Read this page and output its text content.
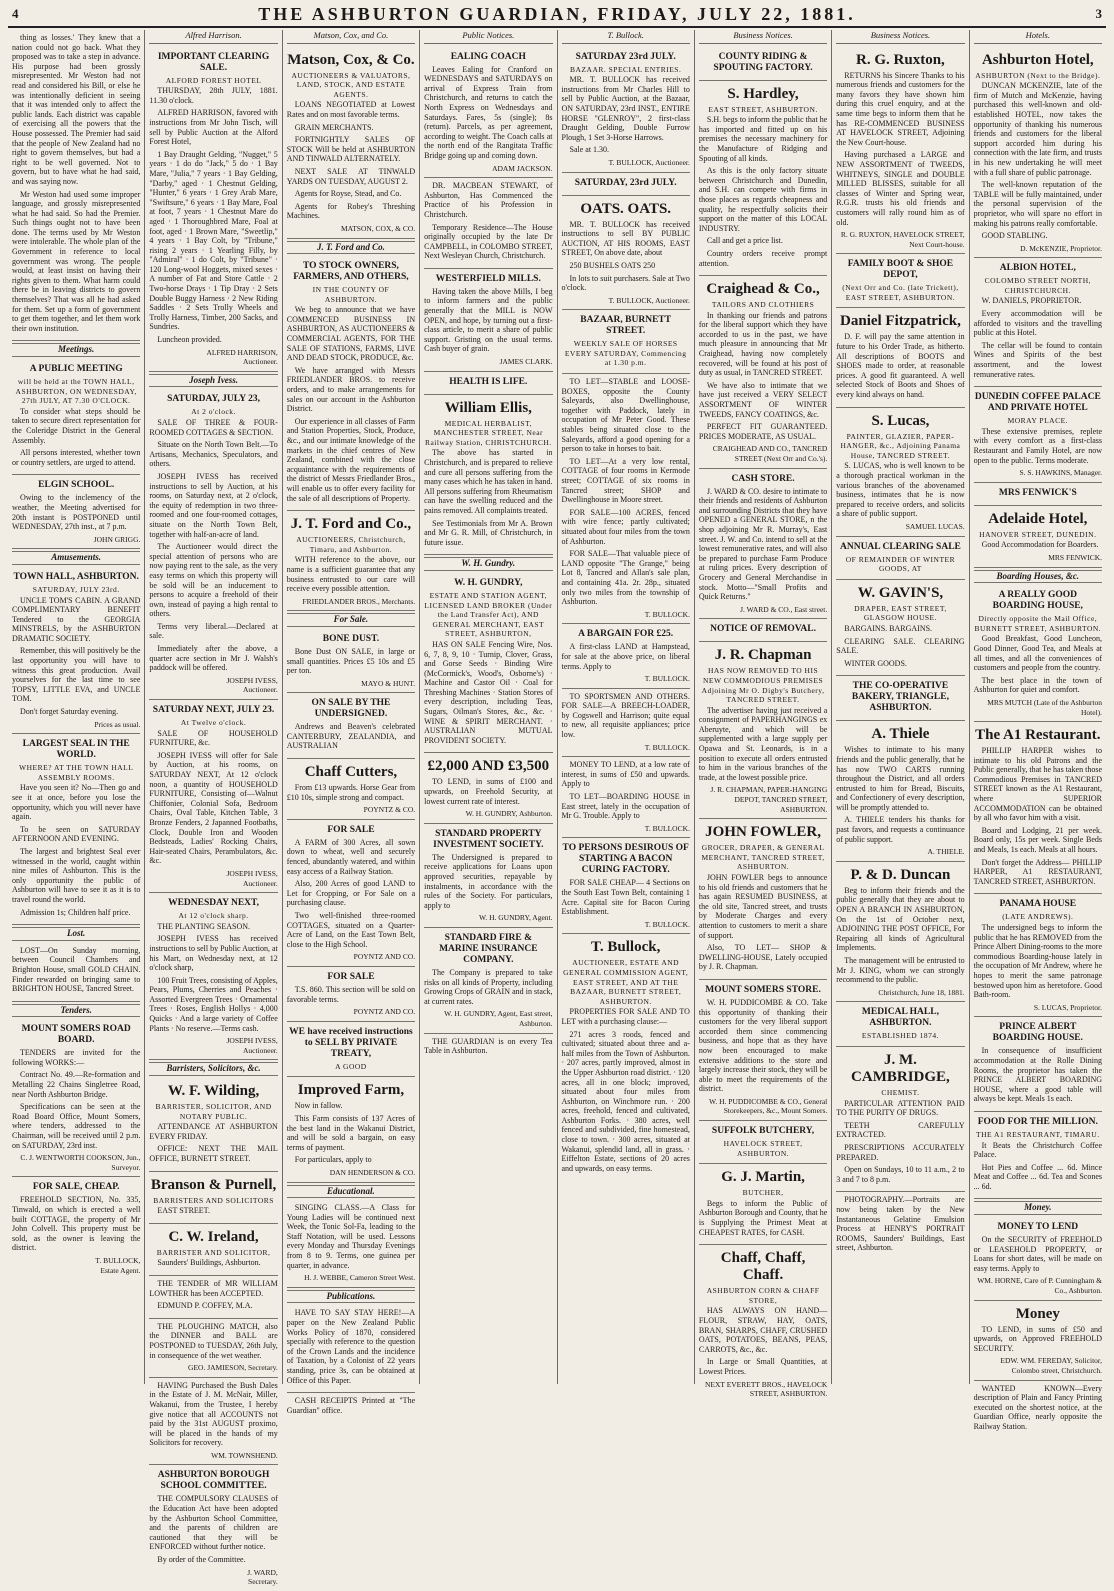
4	THE ASHBURTON GUARDIAN, FRIDAY, JULY 22, 1881.	3

thing as losses.' They knew that a nation could not go back. What they proposed was to take a step in advance. His purpose had been grossly misrepresented. Mr Weston had not read and considered his Bill, or else he was intentionally deficient in seeing that it was intended only to affect the public lands. Each district was capable of exercising all the powers that the House possessed. The Premier had said that the people of New Zealand had no right to govern themselves, but had a right to be well governed. Not to govern, but to have what he had said, and was saying now.

Mr Weston had used some improper language, and grossly misrepresented what he had said. So had the Premier. Such things ought not to have been done. The terms used by Mr Weston were intolerable. The whole plan of the Government in reference to local government was wrong. The people would, at least insist on having their rights given to them. What harm could there be in leaving districts to govern themselves? That was all he had asked for them. Set up a form of government to get them together, and let them work their own institution.

Meetings.
A PUBLIC MEETING
will be held at the TOWN HALL, ASHBURTON, ON WEDNESDAY, 27th JULY, AT 7.30 O'CLOCK.

To consider what steps should be taken to secure direct representation for the Coleridge District in the General Assembly.

All persons interested, whether town or country settlers, are urged to attend.

ELGIN SCHOOL.

Owing to the inclemency of the weather, the Meeting advertised for 20th instant is POSTPONED until WEDNESDAY, 27th inst., at 7 p.m.

JOHN GRIGG.
Amusements.
TOWN HALL, ASHBURTON.
SATURDAY, JULY 23rd.

UNCLE TOM'S CABIN. A GRAND COMPLIMENTARY BENEFIT Tendered to the GEORGIA MINSTRELS, by the ASHBURTON DRAMATIC SOCIETY.

Remember, this will positively be the last opportunity you will have to witness this great production. Avail yourselves for the last time to see TOPSY, LITTLE EVA, and UNCLE TOM.

Don't forget Saturday evening.

Prices as usual.
LARGEST SEAL IN THE WORLD.
WHERE? AT THE TOWN HALL ASSEMBLY ROOMS.

Have you seen it? No—Then go and see it at once, before you lose the opportunity, which you will never have again.

To be seen on SATURDAY AFTERNOON AND EVENING.

The largest and brightest Seal ever witnessed in the world, caught within nine miles of Ashburton. This is the only opportunity the public of Ashburton will have to see it as it is to travel round the world.

Admission 1s; Children half price.

Lost.

LOST—On Sunday morning, between Council Chambers and Brighton House, small GOLD CHAIN. Finder rewarded on bringing same to BRIGHTON HOUSE, Tancred Street.

Tenders.
MOUNT SOMERS ROAD BOARD.

TENDERS are invited for the following WORKS:—

Contract No. 49.—Re-formation and Metalling 22 Chains Singletree Road, near North Ashburton Bridge.

Specifications can be seen at the Road Board Office, Mount Somers, where tenders, addressed to the Chairman, will be received until 2 p.m. on SATURDAY, 23rd inst.

C. J. WENTWORTH COOKSON, Jun., Surveyor.
FOR SALE, CHEAP.

FREEHOLD SECTION, No. 335, Tinwald, on which is erected a well built COTTAGE, the property of Mr John Colvell. This property must be sold, as the owner is leaving the district.

T. BULLOCK,
Estate Agent.
Alfred Harrison.
IMPORTANT CLEARING SALE.
ALFORD FOREST HOTEL

THURSDAY, 28th JULY, 1881. 11.30 o'clock.

ALFRED HARRISON, favored with instructions from Mr John Tisch, will sell by Public Auction at the Alford Forest Hotel,

1 Bay Draught Gelding, "Nugget," 5 years · 1 do do "Jack," 5 do · 1 Bay Mare, "Julia," 7 years · 1 Bay Gelding, "Darby," aged · 1 Chestnut Gelding, "Hunter," 6 years · 1 Grey Arab Mare, "Swiftsure," 6 years · 1 Bay Mare, Foal at foot, 7 years · 1 Chestnut Mare do aged · 1 Thoroughbred Mare, Foal at foot, aged · 1 Brown Mare, "Sweetlip," 4 years · 1 Bay Colt, by "Tribune," rising 2 years · 1 Yearling Filly, by "Admiral" · 1 do Colt, by "Tribune" · 120 Long-wool Hoggets, mixed sexes · A number of Fat and Store Cattle · 2 Two-horse Drays · 1 Tip Dray · 2 Sets Double Buggy Harness · 2 New Riding Saddles · 2 Sets Trolly Wheels and Trolly Harness, Timber, 200 Sacks, and Sundries.

Luncheon provided.

ALFRED HARRISON,
Auctioneer.
Joseph Ivess.
SATURDAY, JULY 23,
At 2 o'clock.

SALE OF THREE & FOUR-ROOMED COTTAGES & SECTION.

Situate on the North Town Belt.—To Artisans, Mechanics, Speculators, and others.

JOSEPH IVESS has received instructions to sell by Auction, at his rooms, on Saturday next, at 2 o'clock, the equity of redemption in two three-roomed and one four-roomed cottages, situate on the North Town Belt, together with half-an-acre of land.

The Auctioneer would direct the special attention of persons who are now paying rent to the sale, as the very easy terms on which this property will be sold will be an inducement to persons to acquire a freehold of their own, instead of paying a high rental to others.

Terms very liberal.—Declared at sale.

Immediately after the above, a quarter acre section in Mr J. Walsh's paddock will be offered.

JOSEPH IVESS,
Auctioneer.
SATURDAY NEXT, JULY 23.
At Twelve o'clock.

SALE OF HOUSEHOLD FURNITURE, &c.

JOSEPH IVESS will offer for Sale by Auction, at his rooms, on SATURDAY NEXT, At 12 o'clock noon, a quantity of HOUSEHOLD FURNITURE, Consisting of—Walnut Chiffonier, Colonial Sofa, Bedroom Chairs, Oval Table, Kitchen Table, 3 Bronze Fenders, 2 Japanned Footbaths, Clock, Double Iron and Wooden Bedsteads, Ladies' Rocking Chairs, Hair-seated Chairs, Perambulators, &c. &c.

JOSEPH IVESS,
Auctioneer.
WEDNESDAY NEXT,
At 12 o'clock sharp.

THE PLANTING SEASON.

JOSEPH IVESS has received instructions to sell by Public Auction, at his Mart, on Wednesday next, at 12 o'clock sharp,

100 Fruit Trees, consisting of Apples, Pears, Plums, Cherries and Peaches · Assorted Evergreen Trees · Ornamental Trees · Roses, English Hollys · 4,000 Quicks · And a large variety of Coffee Plants · No reserve.—Terms cash.

JOSEPH IVESS,
Auctioneer.
Barristers, Solicitors, &c.
W. F. Wilding,
BARRISTER, SOLICITOR, AND NOTARY PUBLIC.

ATTENDANCE AT ASHBURTON EVERY FRIDAY.

OFFICE: NEXT THE MAIL OFFICE, BURNETT STREET.

Branson & Purnell,
BARRISTERS AND SOLICITORS

EAST STREET.

C. W. Ireland,
BARRISTER AND SOLICITOR,

Saunders' Buildings, Ashburton.

THE TENDER of MR WILLIAM LOWTHER has been ACCEPTED.

EDMUND P. COFFEY, M.A.

THE PLOUGHING MATCH, also the DINNER and BALL are POSTPONED to TUESDAY, 26th July, in consequence of the wet weather.

GEO. JAMIESON, Secretary.

HAVING Purchased the Bush Dales in the Estate of J. M. McNair, Miller, Wakanui, from the Trustee, I hereby give notice that all ACCOUNTS not paid by the 31st AUGUST proximo, will be placed in the hands of my Solicitors for recovery.

WM. TOWNSHEND.
ASHBURTON BOROUGH SCHOOL COMMITTEE.

THE COMPULSORY CLAUSES of the Education Act have been adopted by the Ashburton School Committee, and the parents of children are cautioned that they will be ENFORCED without further notice.

By order of the Committee.

J. WARD,
Secretary.
Matson, Cox, and Co.
Matson, Cox, & Co.
AUCTIONEERS & VALUATORS, LAND, STOCK, AND ESTATE AGENTS.

LOANS NEGOTIATED at Lowest Rates and on most favorable terms.

GRAIN MERCHANTS.

FORTNIGHTLY SALES OF STOCK Will be held at ASHBURTON AND TINWALD ALTERNATELY.

NEXT SALE AT TINWALD YARDS ON TUESDAY, AUGUST 2.

Agents for Royse, Stead, and Co.

Agents for Robey's Threshing Machines.

MATSON, COX, & CO.
J. T. Ford and Co.
TO STOCK OWNERS, FARMERS, AND OTHERS,
IN THE COUNTY OF ASHBURTON.

We beg to announce that we have COMMENCED BUSINESS IN ASHBURTON, AS AUCTIONEERS & COMMERCIAL AGENTS, FOR THE SALE OF STATIONS, FARMS, LIVE AND DEAD STOCK, PRODUCE, &c.

We have arranged with Messrs FRIEDLANDER BROS. to receive orders, and to make arrangements for sales on our account in the Ashburton District.

Our experience in all classes of Farm and Station Properties, Stock, Produce, &c., and our intimate knowledge of the markets in the chief centres of New Zealand, combined with the close acquaintance with the requirements of the district of Messrs Friedlander Bros., will enable us to offer every facility for the sale of all descriptions of Property.

J. T. Ford and Co.,
AUCTIONEERS, Christchurch, Timaru, and Ashburton.

WITH reference to the above, our name is a sufficient guarantee that any business entrusted to our care will receive every possible attention.

FRIEDLANDER BROS., Merchants.
For Sale.
BONE DUST.

Bone Dust ON SALE, in large or small quantities. Prices £5 10s and £5 per ton.

MAYO & HUNT.
ON SALE BY THE UNDERSIGNED.

Andrews and Beaven's celebrated CANTERBURY, ZEALANDIA, and AUSTRALIAN

Chaff Cutters,

From £13 upwards. Horse Gear from £10 10s, simple strong and compact.

POYNTZ & CO.
FOR SALE

A FARM of 300 Acres, all sown down to wheat, well and securely fenced, abundantly watered, and within easy access of a Railway Station.

Also, 200 Acres of good LAND to Let for Cropping, or For Sale on a purchasing clause.

Two well-finished three-roomed COTTAGES, situated on a Quarter-Acre of Land, on the East Town Belt, close to the High School.

POYNTZ AND CO.
FOR SALE

T.S. 860. This section will be sold on favorable terms.

POYNTZ AND CO.
WE have received instructions to SELL BY PRIVATE TREATY,
A GOOD
Improved Farm,

Now in fallow.

This Farm consists of 137 Acres of the best land in the Wakanui District, and will be sold a bargain, on easy terms of payment.

For particulars, apply to

DAN HENDERSON & CO.
Educational.

SINGING CLASS.—A Class for Young Ladies will be continued next Week, the Tonic Sol-Fa, leading to the Staff Notation, will be used. Lessons every Monday and Thursday Evenings from 8 to 9. Terms, one guinea per quarter, in advance.

H. J. WEBBE, Cameron Street West.
Publications.

HAVE TO SAY STAY HERE!—A paper on the New Zealand Public Works Policy of 1870, considered specially with reference to the question of the Crown Lands and the incidence of Taxation, by a Colonist of 22 years standing, price 3s, can be obtained at Office of this Paper.

CASH RECEIPTS Printed at "The Guardian" office.

Public Notices.
EALING COACH

Leaves Ealing for Cranford on WEDNESDAYS and SATURDAYS on arrival of Express Train from Christchurch, and returns to catch the North Express on Wednesdays and Saturdays. Fares, 5s (single); 8s (return). Parcels, as per agreement, according to weight. The Coach calls at the north end of the Rangitata Traffic Bridge going up and coming down.

ADAM JACKSON.

DR. MACBEAN STEWART, of Ashburton, Has Commenced the Practice of his Profession in Christchurch.

Temporary Residence—The House originally occupied by the late Dr CAMPBELL, in COLOMBO STREET, Next Wesleyan Church, Christchurch.

WESTERFIELD MILLS.

Having taken the above Mills, I beg to inform farmers and the public generally that the MILL is NOW OPEN, and hope, by turning out a first-class article, to merit a share of public support. Gristing on the usual terms. Cash buyer of grain.

JAMES CLARK.
HEALTH IS LIFE.
William Ellis,
MEDICAL HERBALIST, MANCHESTER STREET, Near Railway Station, CHRISTCHURCH.

The above has started in Christchurch, and is prepared to relieve and cure all persons suffering from the many cases which he has taken in hand. All persons suffering from Rheumatism can have the swelling reduced and the pains removed. All complaints treated.

See Testimonials from Mr A. Brown and Mr G. R. Mill, of Christchurch, in future issue.

W. H. Gundry.
W. H. GUNDRY,
ESTATE AND STATION AGENT, LICENSED LAND BROKER (Under the Land Transfer Act), AND GENERAL MERCHANT, EAST STREET, ASHBURTON,

HAS ON SALE Fencing Wire, Nos. 6, 7, 8, 9, 10 · Turnip, Clover, Grass, and Gorse Seeds · Binding Wire (McCormick's, Wood's, Osborne's) · Machine and Castor Oil · Coal for Threshing Machines · Station Stores of every description, including Teas, Sugars, Oilman's Stores, &c., &c. · WINE & SPIRIT MERCHANT. · AUSTRALIAN MUTUAL PROVIDENT SOCIETY.

£2,000 AND £3,500

TO LEND, in sums of £100 and upwards, on Freehold Security, at lowest current rate of interest.

W. H. GUNDRY, Ashburton.
STANDARD PROPERTY INVESTMENT SOCIETY.

The Undersigned is prepared to receive applications for Loans upon approved securities, repayable by instalments, in accordance with the rules of the Society. For particulars, apply to

W. H. GUNDRY, Agent.
STANDARD FIRE & MARINE INSURANCE COMPANY.

The Company is prepared to take risks on all kinds of Property, including Growing Crops of GRAIN and in stack, at current rates.

W. H. GUNDRY, Agent, East street, Ashburton.

THE GUARDIAN is on every Tea Table in Ashburton.

T. Bullock.
SATURDAY 23rd JULY.
BAZAAR. SPECIAL ENTRIES.

MR. T. BULLOCK has received instructions from Mr Charles Hill to sell by Public Auction, at the Bazaar, ON SATURDAY, 23rd INST., ENTIRE HORSE "GLENROY", 2 first-class Draught Gelding, Double Furrow Plough, 1 Set 3-Horse Harrows.

Sale at 1.30.

T. BULLOCK, Auctioneer.
SATURDAY, 23rd JULY.
OATS. OATS.

MR. T. BULLOCK has received instructions to sell BY PUBLIC AUCTION, AT HIS ROOMS, EAST STREET, On above date, about

250 BUSHELS OATS 250

In lots to suit purchasers. Sale at Two o'clock.

T. BULLOCK, Auctioneer.
BAZAAR, BURNETT STREET.
WEEKLY SALE OF HORSES EVERY SATURDAY, Commencing at 1.30 p.m.

TO LET—STABLE and LOOSE-BOXES, opposite the County Saleyards, also Dwellinghouse, together with Paddock, lately in occupation of Mr Peter Good. These stables being situated close to the Saleyards, afford a good opening for a person to take in horses to bait.

TO LET—At a very low rental, COTTAGE of four rooms in Kermode street; COTTAGE of six rooms in Tancred street; SHOP and Dwellinghouse in Moore street.

FOR SALE—100 ACRES, fenced with wire fence; partly cultivated; situated about four miles from the town of Ashburton.

FOR SALE—That valuable piece of LAND opposite "The Grange," being Lot 8, Tancred and Allan's sale plan, and containing 41a. 2r. 28p., situated only two miles from the township of Ashburton.

T. BULLOCK.
A BARGAIN FOR £25.

A first-class LAND at Hampstead, for sale at the above price, on liberal terms. Apply to

T. BULLOCK.

TO SPORTSMEN AND OTHERS. FOR SALE—A BREECH-LOADER, by Cogswell and Harrison; quite equal to new, all requisite appliances; price low.

T. BULLOCK.

MONEY TO LEND, at a low rate of interest, in sums of £50 and upwards. Apply to

TO LET—BOARDING HOUSE in East street, lately in the occupation of Mr G. Trouble. Apply to

T. BULLOCK.
TO PERSONS DESIROUS OF STARTING A BACON CURING FACTORY.

FOR SALE CHEAP— 4 Sections on the South East Town Belt, containing 1 Acre. Capital site for Bacon Curing Establishment.

T. BULLOCK.
T. Bullock,
AUCTIONEER, ESTATE AND GENERAL COMMISSION AGENT, EAST STREET, AND AT THE BAZAAR, BURNETT STREET, ASHBURTON.

PROPERTIES FOR SALE AND TO LET with a purchasing clause:—

271 acres 3 roods, fenced and cultivated; situated about three and a-half miles from the Town of Ashburton. · 207 acres, partly improved, almost in the Upper Ashburton road district. · 120 acres, all in one block; improved, situated about four miles from Ashburton, on Winchmore run. · 200 acres, freehold, fenced and cultivated, Ashburton Forks. · 380 acres, well fenced and subdivided, fine homestead, close to town. · 300 acres, situated at Wakanui, splendid land, all in grass. · Eiffelton Estate, sections of 20 acres and upwards, on easy terms.

Business Notices.
COUNTY RIDING & SPOUTING FACTORY.
S. Hardley,
EAST STREET, ASHBURTON.

S.H. begs to inform the public that he has imported and fitted up on his premises the necessary machinery for the Manufacture of Ridging and Spouting of all kinds.

As this is the only factory situate between Christchurch and Dunedin, and S.H. can compete with firms in those places as regards cheapness and quality, he respectfully solicits their support on the matter of this LOCAL INDUSTRY.

Call and get a price list.

Country orders receive prompt attention.

Craighead & Co.,
TAILORS AND CLOTHIERS

In thanking our friends and patrons for the liberal support which they have accorded to us in the past, we have much pleasure in announcing that Mr Craighead, having now completely recovered, will be found at his post of duty as usual, in TANCRED STREET.

We have also to intimate that we have just received a VERY SELECT ASSORTMENT OF WINTER TWEEDS, FANCY COATINGS, &c.

PERFECT FIT GUARANTEED. PRICES MODERATE, AS USUAL.

CRAIGHEAD AND CO., TANCRED STREET (Next Orr and Co.'s).
CASH STORE.

J. WARD & CO. desire to intimate to their friends and residents of Ashburton and surrounding Districts that they have OPENED a GENERAL STORE, n the shop adjoining Mr R. Murray's, East street. J. W. and Co. intend to sell at the lowest remunerative rates, and will also be prepared to purchase Farm Produce at ruling prices. Every description of Grocery and General Merchandise in stock. Motto—"Small Profits and Quick Returns."

J. WARD & CO., East street.
NOTICE OF REMOVAL.
J. R. Chapman
HAS NOW REMOVED TO HIS NEW COMMODIOUS PREMISES Adjoining Mr O. Digby's Butchery, TANCRED STREET.

The advertiser having just received a consignment of PAPERHANGINGS ex Aberuyte, and which will be supplemented with a large supply per Opawa and St. Leonards, is in a position to execute all orders entrusted to him in the various branches of the trade, at the lowest possible price.

J. R. CHAPMAN, PAPER-HANGING DEPOT, TANCRED STREET, ASHBURTON.
JOHN FOWLER,
GROCER, DRAPER, & GENERAL MERCHANT, TANCRED STREET, ASHBURTON.

JOHN FOWLER begs to announce to his old friends and customers that he has again RESUMED BUSINESS, at the old site, Tancred street, and trusts by Moderate Charges and every attention to customers to merit a share of support.

Also, TO LET— SHOP & DWELLING-HOUSE, Lately occupied by J. R. Chapman.

MOUNT SOMERS STORE.

W. H. PUDDICOMBE & CO. Take this opportunity of thanking their customers for the very liberal support accorded them since commencing business, and hope that as they have now been encouraged to make extensive additions to the store and largely increase their stock, they will be able to meet the requirements of the district.

W. H. PUDDICOMBE & CO., General Storekeepers, &c., Mount Somers.
SUFFOLK BUTCHERY,
HAVELOCK STREET, ASHBURTON.
G. J. Martin,
BUTCHER,

Begs to inform the Public of Ashburton Borough and County, that he is Supplying the Primest Meat at CHEAPEST RATES, for CASH.

Chaff, Chaff, Chaff.
ASHBURTON CORN & CHAFF STORE,

HAS ALWAYS ON HAND— FLOUR, STRAW, HAY, OATS, BRAN, SHARPS, CHAFF, CRUSHED OATS, POTATOES, BEANS, PEAS, CARROTS, &c., &c.

In Large or Small Quantities, at Lowest Prices.

NEXT EVERETT BROS., HAVELOCK STREET, ASHBURTON.
Business Notices.
R. G. Ruxton,

RETURNS his Sincere Thanks to his numerous friends and customers for the many favors they have shown him during this cruel enquiry, and at the same time begs to inform them that he has RE-COMMENCED BUSINESS AT HAVELOCK STREET, Adjoining the New Court-house.

Having purchased a LARGE and NEW ASSORTMENT of TWEEDS, WHITNEYS, SINGLE and DOUBLE MILLED BLISSES, suitable for all classes of Winter and Spring wear, R.G.R. trusts his old friends and customers will rally round him as of old.

R. G. RUXTON, HAVELOCK STREET, Next Court-house.
FAMILY BOOT & SHOE DEPOT,
(Next Orr and Co. (late Trickett), EAST STREET, ASHBURTON.
Daniel Fitzpatrick,

D. F. will pay the same attention in future to his Order Trade, as hitherto. All descriptions of BOOTS and SHOES made to order, at reasonable prices. A good fit guaranteed. A well selected Stock of Boots and Shoes of every kind always on hand.

S. Lucas,
PAINTER, GLAZIER, PAPER-HANGER, &c., Adjoining Panama House, TANCRED STREET.

S. LUCAS, who is well known to be a thorough practical workman in the various branches of the abovenamed business, intimates that he is now prepared to receive orders, and solicits a share of public support.

SAMUEL LUCAS.
ANNUAL CLEARING SALE
OF REMAINDER OF WINTER GOODS, AT
W. GAVIN'S,
DRAPER, EAST STREET, GLASGOW HOUSE.

BARGAINS. BARGAINS.

CLEARING SALE. CLEARING SALE.

WINTER GOODS.

THE CO-OPERATIVE BAKERY, TRIANGLE, ASHBURTON.
A. Thiele

Wishes to intimate to his many friends and the public generally, that he has now TWO CARTS running throughout the District, and all orders entrusted to him for Bread, Biscuits, and Confectionery of every description, will be promptly attended to.

A. THIELE tenders his thanks for past favors, and requests a continuance of public support.

A. THIELE.
P. & D. Duncan

Beg to inform their friends and the public generally that they are about to OPEN A BRANCH IN ASHBURTON, On the 1st of October next, ADJOINING THE POST OFFICE, For Repairing all kinds of Agricultural Implements.

The management will be entrusted to Mr J. KING, whom we can strongly recommend to the public.

Christchurch, June 18, 1881.
MEDICAL HALL, ASHBURTON.
ESTABLISHED 1874.
J. M. CAMBRIDGE,
CHEMIST.

PARTICULAR ATTENTION PAID TO THE PURITY OF DRUGS.

TEETH CAREFULLY EXTRACTED.

PRESCRIPTIONS ACCURATELY PREPARED.

Open on Sundays, 10 to 11 a.m., 2 to 3 and 7 to 8 p.m.

PHOTOGRAPHY.—Portraits are now being taken by the New Instantaneous Gelatine Emulsion Process at HENRY'S PORTRAIT ROOMS, Saunders' Buildings, East street, Ashburton.

Hotels.
Ashburton Hotel,
ASHBURTON (Next to the Bridge).

DUNCAN MCKENZIE, late of the firm of Mutch and McKenzie, having purchased this well-known and old-established HOTEL, now takes the opportunity of thanking his numerous friends and customers for the liberal support accorded him during his connection with the late firm, and trusts in his new undertaking he will meet with a full share of public patronage.

The well-known reputation of the TABLE will be fully maintained, under the personal supervision of the proprietor, who will spare no effort in making his patrons really comfortable.

GOOD STABLING.

D. McKENZIE, Proprietor.
ALBION HOTEL,
COLOMBO STREET NORTH, CHRISTCHURCH.

W. DANIELS, PROPRIETOR.

Every accommodation will be afforded to visitors and the travelling public at this Hotel.

The cellar will be found to contain Wines and Spirits of the best assortment, and the lowest remunerative rates.

DUNEDIN COFFEE PALACE AND PRIVATE HOTEL
MORAY PLACE.

These extensive premises, replete with every comfort as a first-class Restaurant and Family Hotel, are now open to the public. Terms moderate.

S. S. HAWKINS, Manager.
MRS FENWICK'S
Adelaide Hotel,
HANOVER STREET, DUNEDIN.

Good Accommodation for Boarders.

MRS FENWICK.
Boarding Houses, &c.
A REALLY GOOD BOARDING HOUSE,
Directly opposite the Mail Office, BURNETT STREET, ASHBURTON.

Good Breakfast, Good Luncheon, Good Dinner, Good Tea, and Meals at all times, and all the conveniences of customers and people from the country.

The best place in the town of Ashburton for quiet and comfort.

MRS MUTCH (Late of the Ashburton Hotel).
The A1 Restaurant.

PHILLIP HARPER wishes to intimate to his old Patrons and the Public generally, that he has taken those Commodious Premises in TANCRED STREET known as the A1 Restaurant, where SUPERIOR ACCOMMODATION can be obtained by all who favor him with a visit.

Board and Lodging, 21 per week. Board only, 15s per week. Single Beds and Meals, 1s each. Meals at all hours.

Don't forget the Address— PHILLIP HARPER, A1 RESTAURANT, TANCRED STREET, ASHBURTON.

PANAMA HOUSE
(LATE ANDREWS).

The undersigned begs to inform the public that he has REMOVED from the Prince Albert Dining-rooms to the more commodious Boarding-house lately in the occupation of Mr Andrew, where he hopes to merit the same patronage bestowed upon him as heretofore. Good Bath-room.

S. LUCAS, Proprietor.
PRINCE ALBERT BOARDING HOUSE.

In consequence of insufficient accommodation at the Rolle Dining Rooms, the proprietor has taken the PRINCE ALBERT BOARDING HOUSE, where a good table will always be kept. Meals 1s each.

FOOD FOR THE MILLION.
THE A1 RESTAURANT, TIMARU.

It Beats the Christchurch Coffee Palace.

Hot Pies and Coffee ... 6d. Mince Meat and Coffee ... 6d. Tea and Scones ... 6d.

Money.
MONEY TO LEND

On the SECURITY of FREEHOLD or LEASEHOLD PROPERTY, or Loans for short dates, will be made on easy terms. Apply to

WM. HORNE, Care of P. Cunningham & Co., Ashburton.
Money

TO LEND, in sums of £50 and upwards, on Approved FREEHOLD SECURITY.

EDW. WM. FEREDAY, Solicitor, Colombo street, Christchurch.

WANTED KNOWN—Every description of Plain and Fancy Printing executed on the shortest notice, at the Guardian Office, nearly opposite the Railway Station.
